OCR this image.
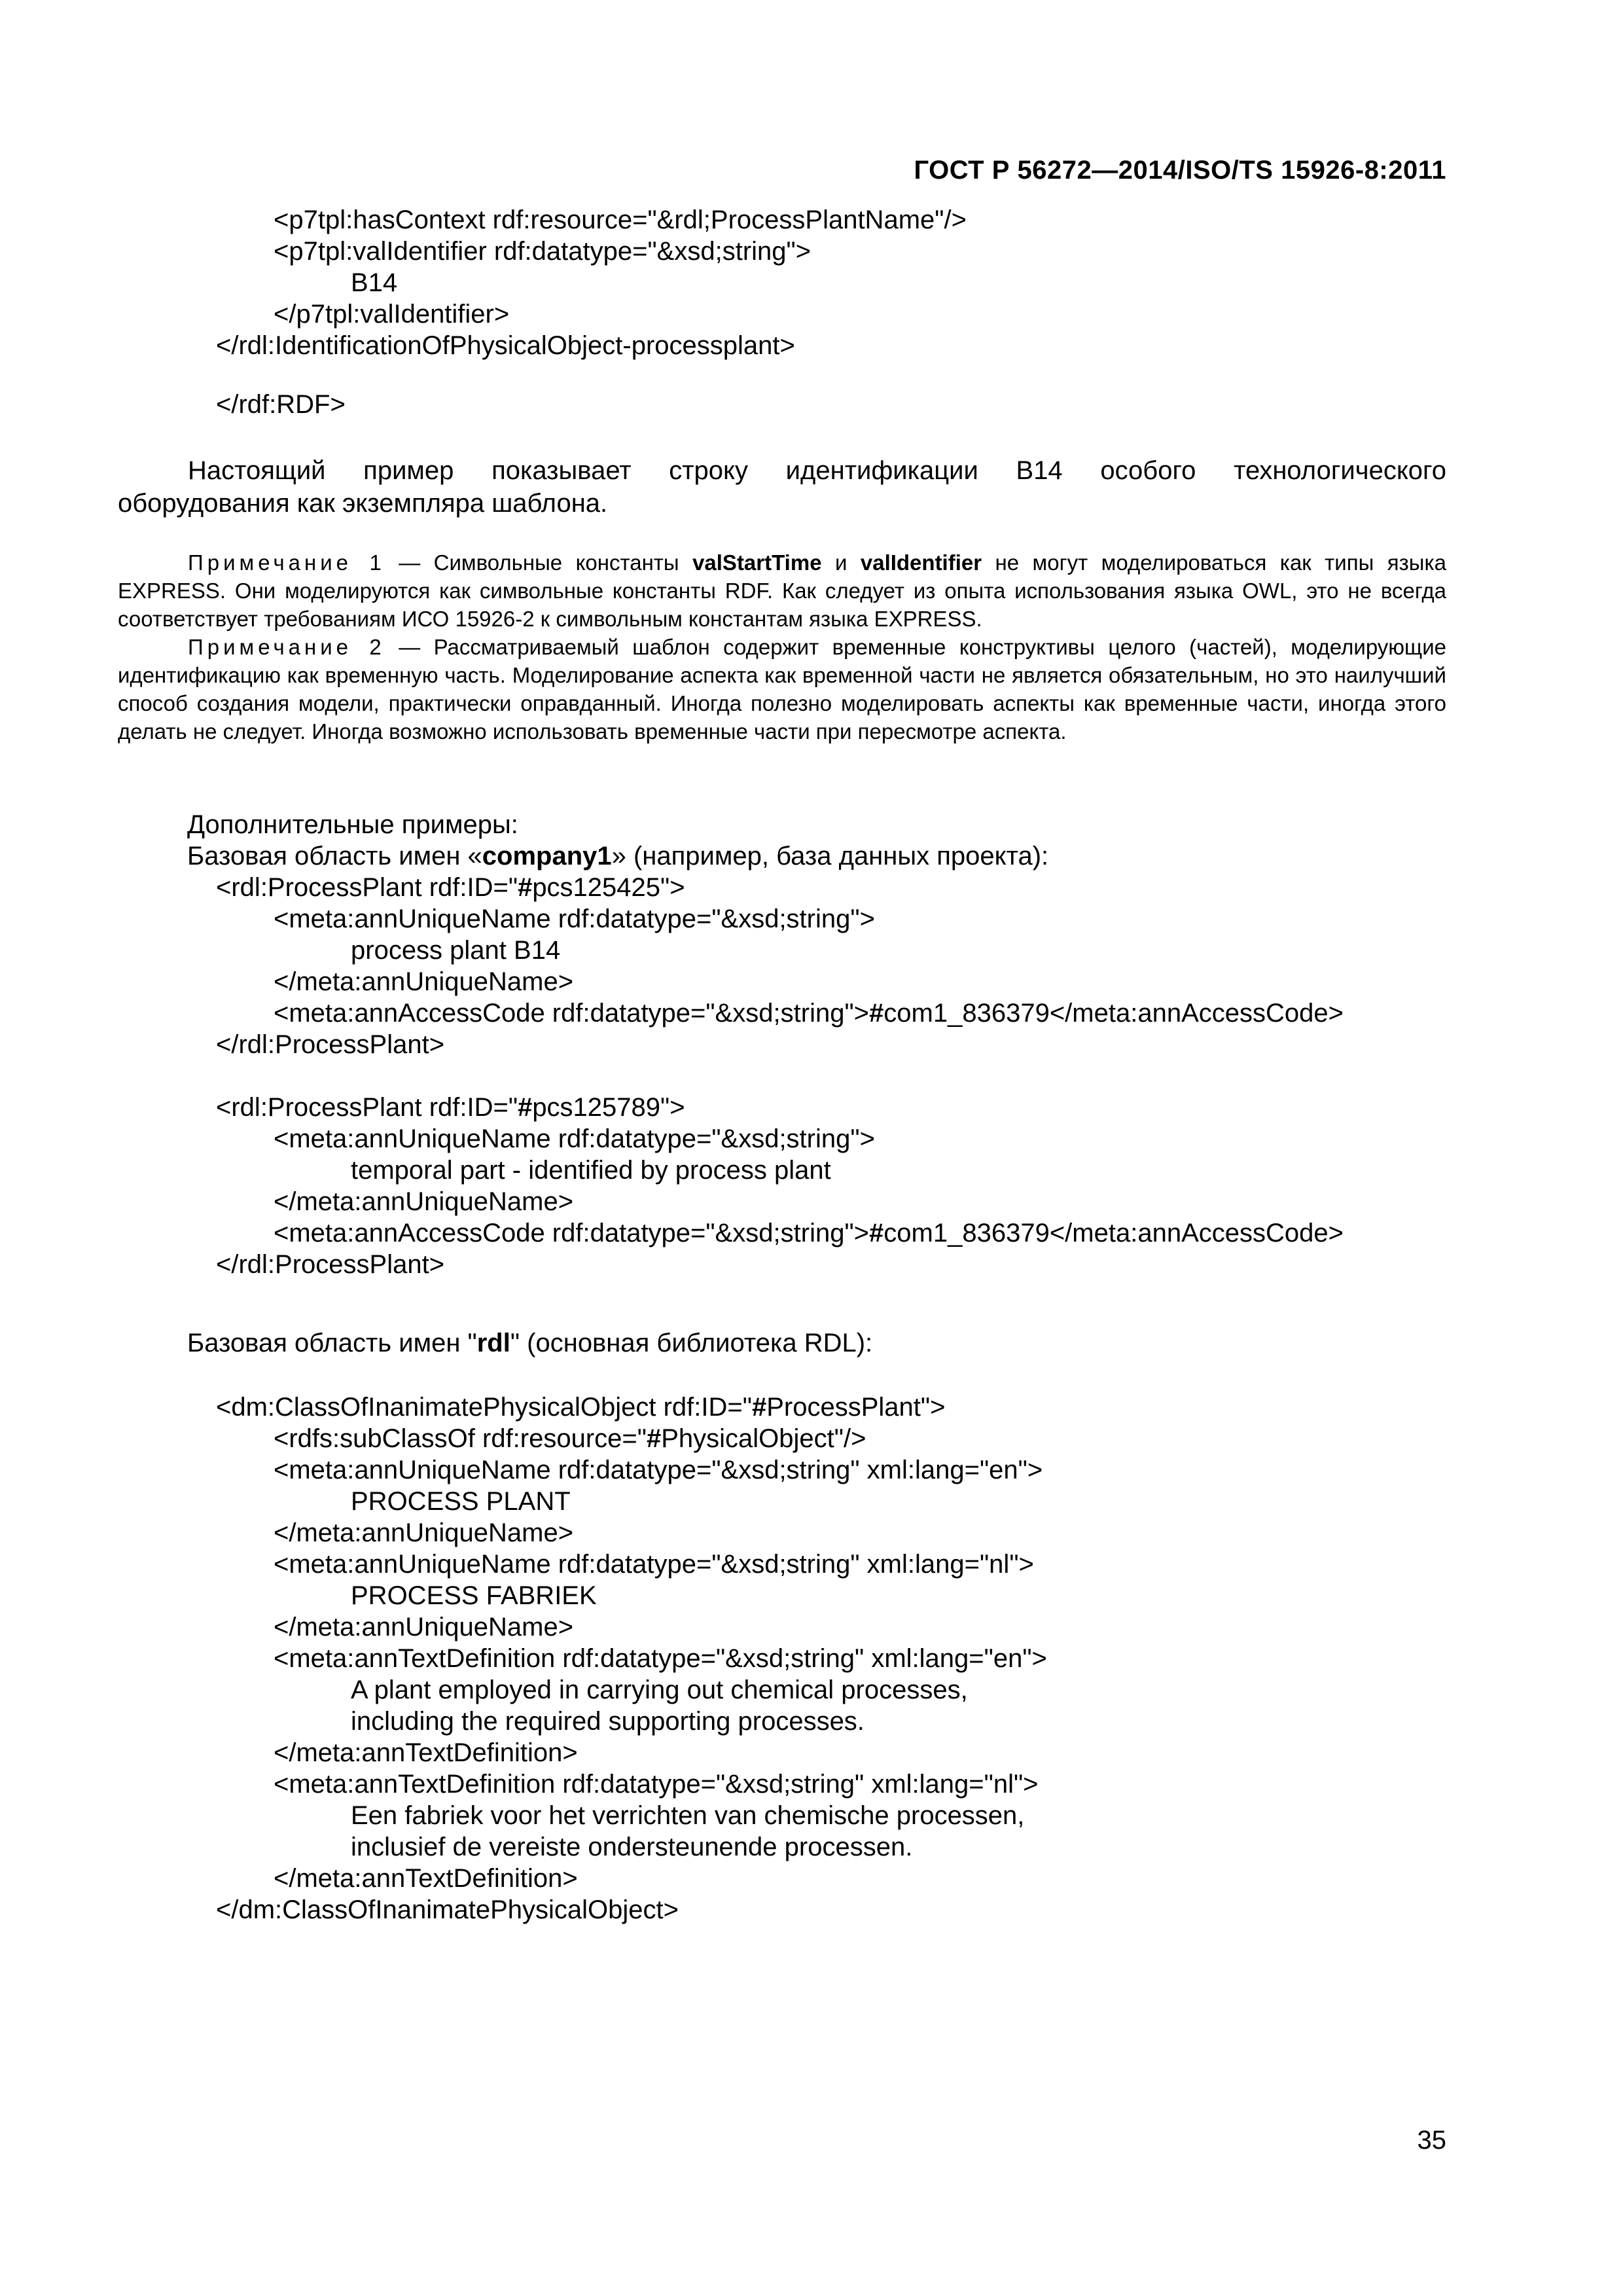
ГОСТ Р 56272—2014/ISO/TS 15926-8:2011
<p7tpl:hasContext rdf:resource="&rdl;ProcessPlantName"/>
<p7tpl:valIdentifier rdf:datatype="&xsd;string">
B14
</p7tpl:valIdentifier>
</rdl:IdentificationOfPhysicalObject-processplant>
</rdf:RDF>
Настоящий пример показывает строку идентификации B14 особого технологического
оборудования как экземпляра шаблона.

Примечание 1 — Символьные константы valStartTime и valIdentifier не могут моделироваться как типы языка EXPRESS. Они моделируются как символьные константы RDF. Как следует из опыта использования языка OWL, это не всегда соответствует требованиям ИСО 15926-2 к символьным константам языка EXPRESS.

Примечание 2 — Рассматриваемый шаблон содержит временные конструктивы целого (частей), моделирующие идентификацию как временную часть. Моделирование аспекта как временной части не является обязательным, но это наилучший способ создания модели, практически оправданный. Иногда полезно моделировать аспекты как временные части, иногда этого делать не следует. Иногда возможно использовать временные части при пересмотре аспекта.

Дополнительные примеры:
Базовая область имен «company1» (например, база данных проекта):
<rdl:ProcessPlant rdf:ID="#pcs125425">
<meta:annUniqueName rdf:datatype="&xsd;string">
process plant B14
</meta:annUniqueName>
<meta:annAccessCode rdf:datatype="&xsd;string">#com1_836379</meta:annAccessCode>
</rdl:ProcessPlant>
<rdl:ProcessPlant rdf:ID="#pcs125789">
<meta:annUniqueName rdf:datatype="&xsd;string">
temporal part - identified by process plant
</meta:annUniqueName>
<meta:annAccessCode rdf:datatype="&xsd;string">#com1_836379</meta:annAccessCode>
</rdl:ProcessPlant>
Базовая область имен "rdl" (основная библиотека RDL):
<dm:ClassOfInanimatePhysicalObject rdf:ID="#ProcessPlant">
<rdfs:subClassOf rdf:resource="#PhysicalObject"/>
<meta:annUniqueName rdf:datatype="&xsd;string" xml:lang="en">
PROCESS PLANT
</meta:annUniqueName>
<meta:annUniqueName rdf:datatype="&xsd;string" xml:lang="nl">
PROCESS FABRIEK
</meta:annUniqueName>
<meta:annTextDefinition rdf:datatype="&xsd;string" xml:lang="en">
A plant employed in carrying out chemical processes,
including the required supporting processes.
</meta:annTextDefinition>
<meta:annTextDefinition rdf:datatype="&xsd;string" xml:lang="nl">
Een fabriek voor het verrichten van chemische processen,
inclusief de vereiste ondersteunende processen.
</meta:annTextDefinition>
</dm:ClassOfInanimatePhysicalObject>
35
